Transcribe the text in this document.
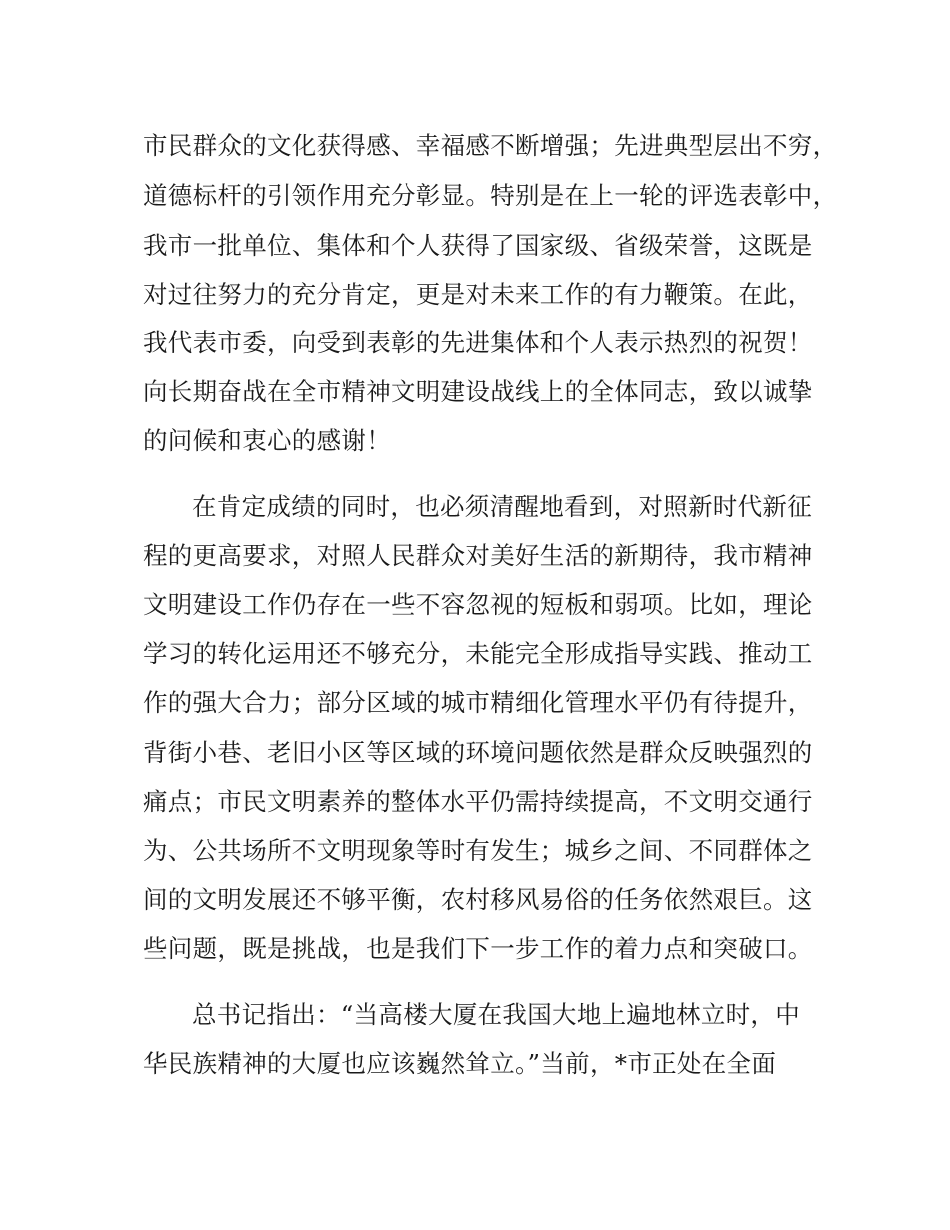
市民群众的文化获得感、幸福感不断增强；先进典型层出不穷，
道德标杆的引领作用充分彰显。特别是在上一轮的评选表彰中，
我市一批单位、集体和个人获得了国家级、省级荣誉，这既是
对过往努力的充分肯定，更是对未来工作的有力鞭策。在此，
我代表市委，向受到表彰的先进集体和个人表示热烈的祝贺！
向长期奋战在全市精神文明建设战线上的全体同志，致以诚挚
的问候和衷心的感谢！
在肯定成绩的同时，也必须清醒地看到，对照新时代新征
程的更高要求，对照人民群众对美好生活的新期待，我市精神
文明建设工作仍存在一些不容忽视的短板和弱项。比如，理论
学习的转化运用还不够充分，未能完全形成指导实践、推动工
作的强大合力；部分区域的城市精细化管理水平仍有待提升，
背街小巷、老旧小区等区域的环境问题依然是群众反映强烈的
痛点；市民文明素养的整体水平仍需持续提高，不文明交通行
为、公共场所不文明现象等时有发生；城乡之间、不同群体之
间的文明发展还不够平衡，农村移风易俗的任务依然艰巨。这
些问题，既是挑战，也是我们下一步工作的着力点和突破口。
总书记指出：“当高楼大厦在我国大地上遍地林立时，中
华民族精神的大厦也应该巍然耸立。”当前，*市正处在全面
